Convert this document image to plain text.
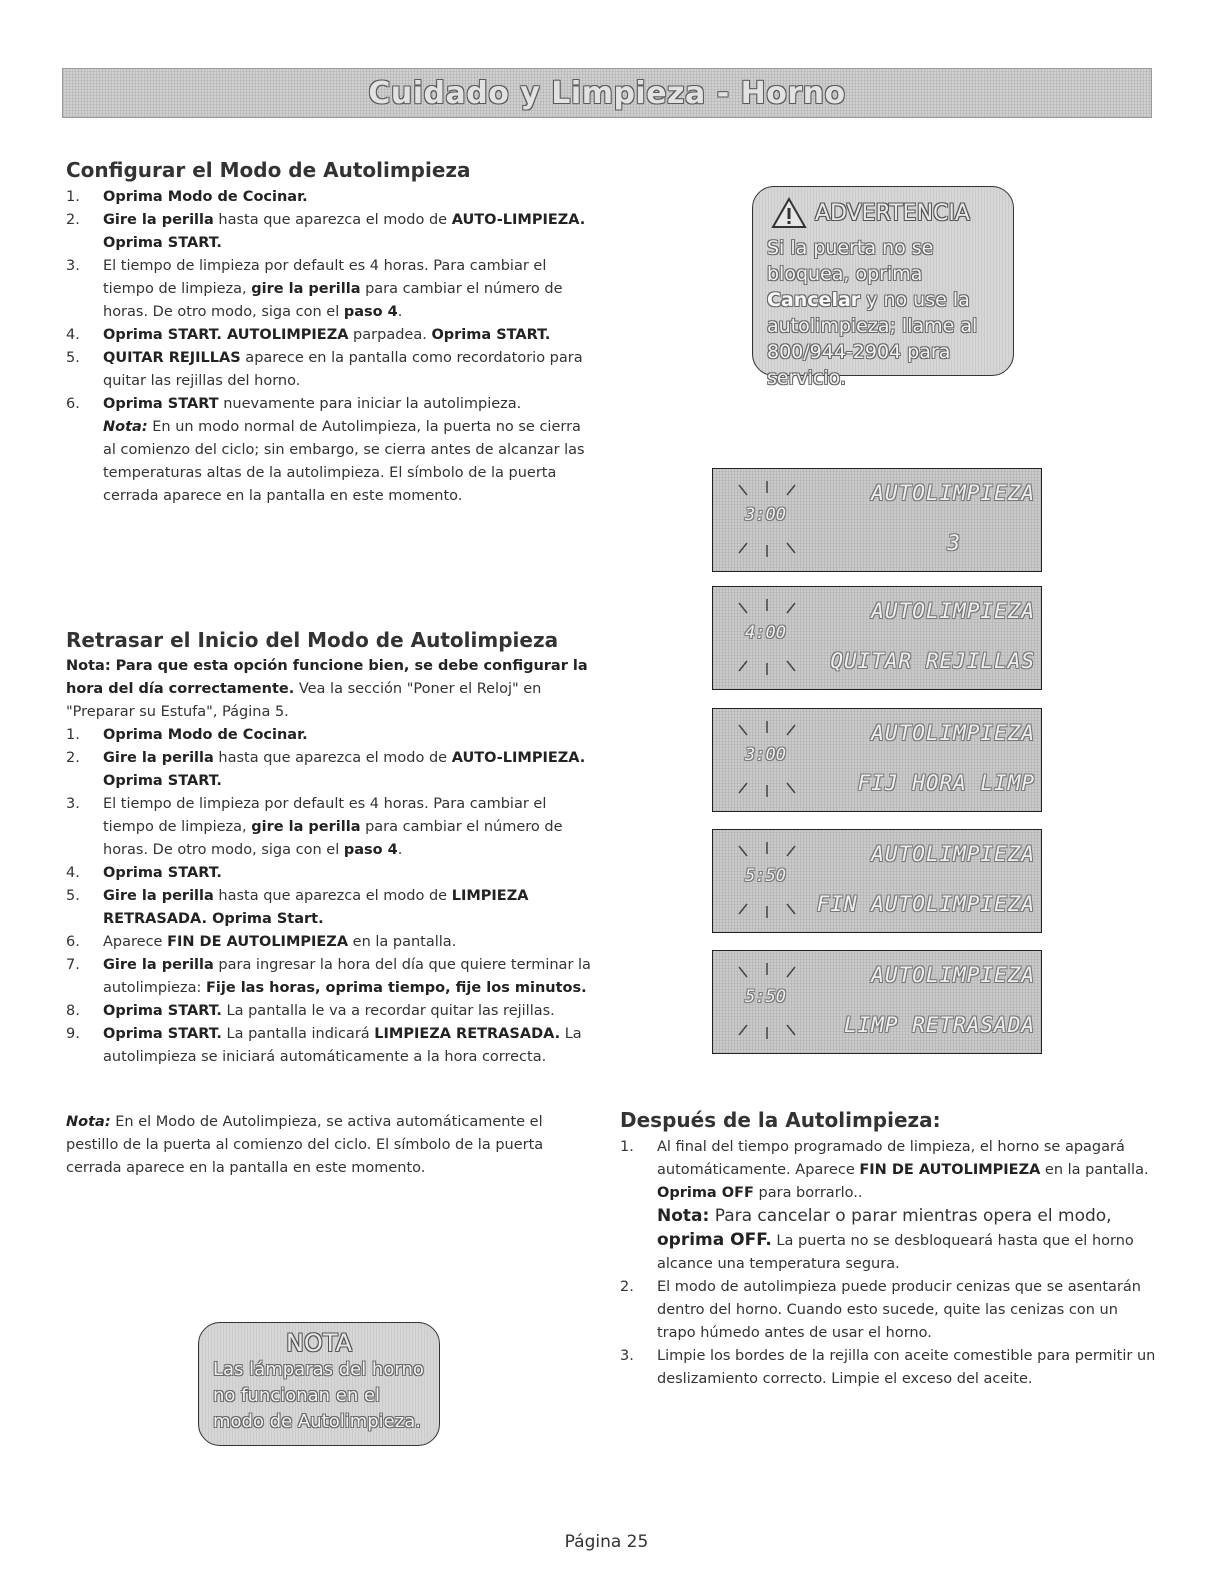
Cuidado y Limpieza - Horno
Configurar el Modo de Autolimpieza
1. Oprima Modo de Cocinar.
2. Gire la perilla hasta que aparezca el modo de AUTO-LIMPIEZA. Oprima START.
3. El tiempo de limpieza por default es 4 horas. Para cambiar el tiempo de limpieza, gire la perilla para cambiar el número de horas. De otro modo, siga con el paso 4.
4. Oprima START. AUTOLIMPIEZA parpadea. Oprima START.
5. QUITAR REJILLAS aparece en la pantalla como recordatorio para quitar las rejillas del horno.
6. Oprima START nuevamente para iniciar la autolimpieza.
Nota: En un modo normal de Autolimpieza, la puerta no se cierra al comienzo del ciclo; sin embargo, se cierra antes de alcanzar las temperaturas altas de la autolimpieza. El símbolo de la puerta cerrada aparece en la pantalla en este momento.
Retrasar el Inicio del Modo de Autolimpieza

Nota: Para que esta opción funcione bien, se debe configurar la hora del día correctamente. Vea la sección "Poner el Reloj" en "Preparar su Estufa", Página 5.

1. Oprima Modo de Cocinar.
2. Gire la perilla hasta que aparezca el modo de AUTO-LIMPIEZA. Oprima START.
3. El tiempo de limpieza por default es 4 horas. Para cambiar el tiempo de limpieza, gire la perilla para cambiar el número de horas. De otro modo, siga con el paso 4.
4. Oprima START.
5. Gire la perilla hasta que aparezca el modo de LIMPIEZA RETRASADA. Oprima Start.
6. Aparece FIN DE AUTOLIMPIEZA en la pantalla.
7. Gire la perilla para ingresar la hora del día que quiere terminar la autolimpieza: Fije las horas, oprima tiempo, fije los minutos.
8. Oprima START. La pantalla le va a recordar quitar las rejillas.
9. Oprima START. La pantalla indicará LIMPIEZA RETRASADA. La autolimpieza se iniciará automáticamente a la hora correcta.

Nota: En el Modo de Autolimpieza, se activa automáticamente el pestillo de la puerta al comienzo del ciclo. El símbolo de la puerta cerrada aparece en la pantalla en este momento.

NOTA
Las lámparas del horno no funcionan en el modo de Autolimpieza.
ADVERTENCIA
Si la puerta no se bloquea, oprima Cancelar y no use la autolimpieza; llame al 800/944-2904 para servicio.
3:00
AUTOLIMPIEZA
3
4:00
AUTOLIMPIEZA
QUITAR REJILLAS
3:00
AUTOLIMPIEZA
FIJ HORA LIMP
5:50
AUTOLIMPIEZA
FIN AUTOLIMPIEZA
5:50
AUTOLIMPIEZA
LIMP RETRASADA
Después de la Autolimpieza:
1. Al final del tiempo programado de limpieza, el horno se apagará automáticamente. Aparece FIN DE AUTOLIMPIEZA en la pantalla. Oprima OFF para borrarlo..
Nota: Para cancelar o parar mientras opera el modo, oprima OFF. La puerta no se desbloqueará hasta que el horno alcance una temperatura segura.
2. El modo de autolimpieza puede producir cenizas que se asentarán dentro del horno. Cuando esto sucede, quite las cenizas con un trapo húmedo antes de usar el horno.
3. Limpie los bordes de la rejilla con aceite comestible para permitir un deslizamiento correcto. Limpie el exceso del aceite.
Página 25
